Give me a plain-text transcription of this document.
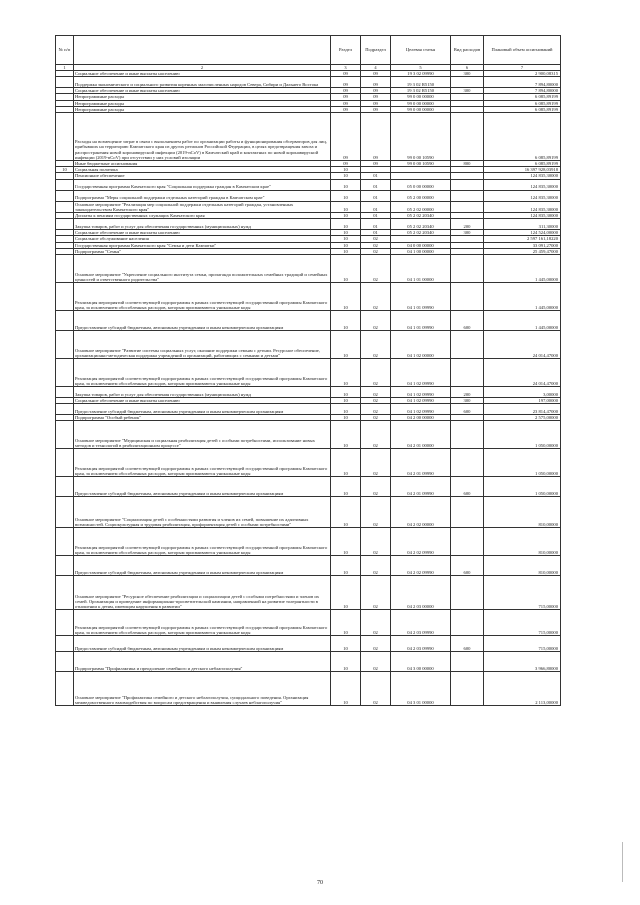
№ п/п		Раздел	Подраздел	Целевая статья	Вид расходов	Плановый объем ассигнований
1	2	3	4	5	6	7
	Социальное обеспечение и иные выплаты населению	09	09	19 3 02 09990	300	2 900,08315
	Поддержка экономического и социального развития коренных малочисленных народов Севера, Сибири и Дальнего Востока	09	09	19 3 02 R5150		7 894,80000
	Социальное обеспечение и иные выплаты населению	09	09	19 3 02 R5150	300	7 894,80000
	Непрограммные расходы	09	09	99 0 00 00000		6 085,89199
	Непрограммные расходы	09	09	99 0 00 00000		6 085,89199
	Непрограммные расходы	09	09	99 0 00 00000		6 085,89199
	Расходы на возмещение затрат в связи с выполнением работ по организации работы и функционирования обсерваторов для лиц, прибывших на территорию Камчатского края из других регионов Российской Федерации, в целях предотвращения завоза и распространения новой коронавирусной инфекции (2019-nCoV) в Камчатский край и контактных по новой коронавирусной инфекции (2019-nCoV) при отсутствии у них условий изоляции	09	09	99 0 00 10590		6 085,89199
	Иные бюджетные ассигнования	09	09	99 0 00 10590	800	6 085,89199
10	Социальная политика	10				16 397 928,03918
	Пенсионное обеспечение	10	01			124 835,30000
	Государственная программа Камчатского края "Социальная поддержка граждан в Камчатском крае"	10	01	05 0 00 00000		124 835,30000
	Подпрограмма "Меры социальной поддержки отдельных категорий граждан в Камчатском крае"	10	01	05 2 00 00000		124 835,30000
	Основное мероприятие "Реализация мер социальной поддержки отдельных категорий граждан, установленных законодательством Камчатского края"	10	01	05 2 02 00000		124 835,30000
	Доплаты к пенсиям государственных служащих Камчатского края	10	01	05 2 02 20340		124 835,30000
	Закупка товаров, работ и услуг для обеспечения государственных (муниципальных) нужд	10	01	05 2 02 20340	200	311,30000
	Социальное обеспечение и иные выплаты населению	10	01	05 2 02 20340	300	124 524,00000
	Социальное обслуживание населения	10	02			2 597 161,18220
	Государственная программа Камчатского края "Семья и дети Камчатки"	10	02	04 0 00 00000		33 091,27000
	Подпрограмма "Семья"	10	02	04 1 00 00000		25 459,47000
	Основное мероприятие "Укрепление социального института семьи, пропаганда положительных семейных традиций и семейных ценностей и ответственного родительства"	10	02	04 1 01 00000		1 445,00000
	Реализация мероприятий соответствующей подпрограммы в рамках соответствующей государственной программы Камчатского края, за исключением обособленных расходов, которым присваиваются уникальные коды	10	02	04 1 01 09990		1 445,00000
	Предоставление субсидий бюджетным, автономным учреждениям и иным некоммерческим организациям	10	02	04 1 01 09990	600	1 445,00000
	Основное мероприятие "Развитие системы социальных услуг, оказание поддержки семьям с детьми. Ресурсное обеспечение, организационно-методическая поддержка учреждений и организаций, работающих с семьями и детьми"	10	02	04 1 02 00000		24 014,47000
	Реализация мероприятий соответствующей подпрограммы в рамках соответствующей государственной программы Камчатского края, за исключением обособленных расходов, которым присваиваются уникальные коды	10	02	04 1 02 09990		24 014,47000
	Закупка товаров, работ и услуг для обеспечения государственных (муниципальных) нужд	10	02	04 1 02 09990	200	3,00000
	Социальное обеспечение и иные выплаты населению	10	02	04 1 02 09990	300	197,00000
	Предоставление субсидий бюджетным, автономным учреждениям и иным некоммерческим организациям	10	02	04 1 02 09990	600	23 814,47000
	Подпрограмма "Особый ребенок"	10	02	04 2 00 00000		2 575,00000
	Основное мероприятие "Медицинская и социальная реабилитация детей с особыми потребностями, использование новых методов и технологий в реабилитационном процессе"	10	02	04 2 01 00000		1 050,00000
	Реализация мероприятий соответствующей подпрограммы в рамках соответствующей государственной программы Камчатского края, за исключением обособленных расходов, которым присваиваются уникальные коды	10	02	04 2 01 09990		1 050,00000
	Предоставление субсидий бюджетным, автономным учреждениям и иным некоммерческим организациям	10	02	04 2 01 09990	600	1 050,00000
	Основное мероприятие "Социализация детей с особенностями развития и членов их семей, повышение их адаптивных возможностей. Социокультурная и трудовая реабилитация, профориентация детей с особыми потребностями"	10	02	04 2 02 00000		810,00000
	Реализация мероприятий соответствующей подпрограммы в рамках соответствующей государственной программы Камчатского края, за исключением обособленных расходов, которым присваиваются уникальные коды	10	02	04 2 02 09990		810,00000
	Предоставление субсидий бюджетным, автономным учреждениям и иным некоммерческим организациям	10	02	04 2 02 09990	600	810,00000
	Основное мероприятие "Ресурсное обеспечение реабилитации и социализации детей с особыми потребностями и членов их семей. Организация и проведение информационно-просветительской кампании, направленной на развитие толерантности в отношении к детям, имеющим нарушения в развитии"	10	02	04 2 03 00000		715,00000
	Реализация мероприятий соответствующей подпрограммы в рамках соответствующей государственной программы Камчатского края, за исключением обособленных расходов, которым присваиваются уникальные коды	10	02	04 2 03 09990		715,00000
	Предоставление субсидий бюджетным, автономным учреждениям и иным некоммерческим организациям	10	02	04 2 03 09990	600	715,00000
	Подпрограмма "Профилактика и преодоление семейного и детского неблагополучия"	10	02	04 3 00 00000		3 966,80000
	Основное мероприятие "Профилактика семейного и детского неблагополучия, суицидального поведения. Организация межведомственного взаимодействия по вопросам предотвращения и выявления случаев неблагополучия"	10	02	04 3 01 00000		2 113,00000
70
